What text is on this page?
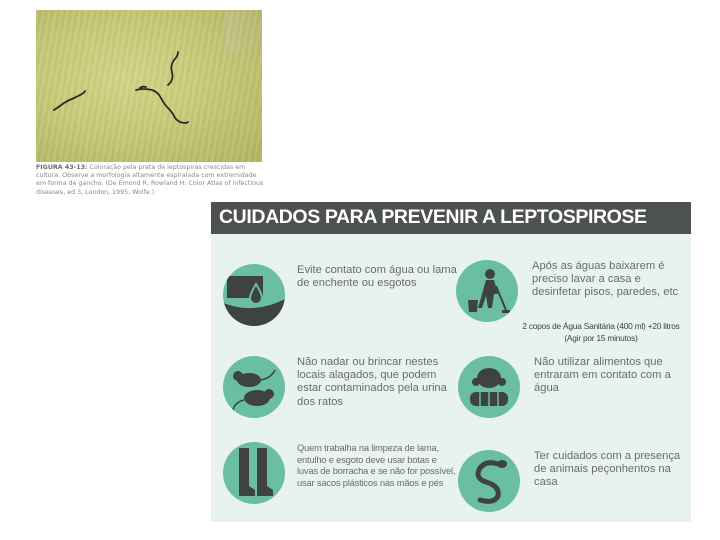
FIGURA 43-13: Coloração pela prata de leptospiras crescidas em cultura. Observe a morfologia altamente espiralada com extremidade em forma de gancho. (De Emond R, Rowland H: Color Atlas of infectious diseases, ed 3, London, 1995, Wolfe.)

CUIDADOS PARA PREVENIR A LEPTOSPIROSE

Evite contato com água ou lama de enchente ou esgotos

Após as águas baixarem é preciso lavar a casa e desinfetar pisos, paredes, etc

2 copos de Água Sanitária (400 ml) +20 litros
(Agir por 15 minutos)

Não nadar ou brincar nestes locais alagados, que podem estar contaminados pela urina dos ratos

Não utilizar alimentos que entraram em contato com a água

Quem trabalha na limpeza de lama, entulho e esgoto deve usar botas e luvas de borracha e se não for possível, usar sacos plásticos nas mãos e pés

Ter cuidados com a presença de animais peçonhentos na casa
